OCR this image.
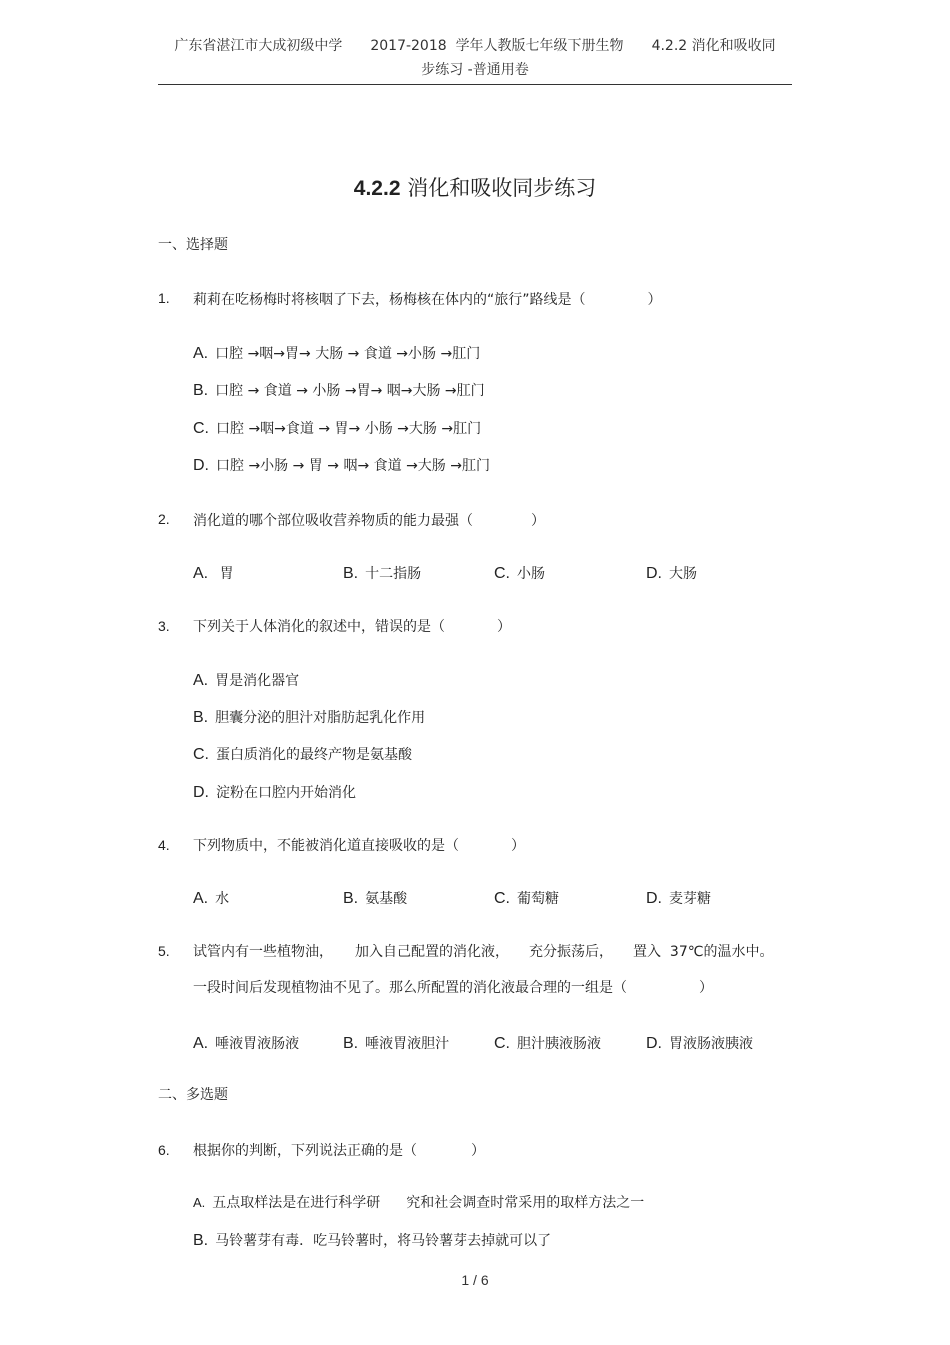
广东省湛江市大成初级中学 2017-2018 学年人教版七年级下册生物 4.2.2 消化和吸收同
步练习 -普通用卷
4.2.2 消化和吸收同步练习
一、选择题
1. 莉莉在吃杨梅时将核咽了下去，杨梅核在体内的“旅行”路线是（	）
A. 口腔 →咽→胃→ 大肠 → 食道 →小肠 →肛门
B. 口腔 → 食道 → 小肠 →胃→ 咽→大肠 →肛门
C. 口腔 →咽→食道 → 胃→ 小肠 →大肠 →肛门
D. 口腔 →小肠 → 胃 → 咽→ 食道 →大肠 →肛门
2. 消化道的哪个部位吸收营养物质的能力最强（	）
A. 胃	B. 十二指肠	C. 小肠	D. 大肠
3. 下列关于人体消化的叙述中，错误的是（	）
A. 胃是消化器官
B. 胆囊分泌的胆汁对脂肪起乳化作用
C. 蛋白质消化的最终产物是氨基酸
D. 淀粉在口腔内开始消化
4. 下列物质中，不能被消化道直接吸收的是（	）
A. 水	B. 氨基酸	C. 葡萄糖	D. 麦芽糖
5. 试管内有一些植物油， 加入自己配置的消化液， 充分振荡后， 置入 37℃的温水中。
一段时间后发现植物油不见了。那么所配置的消化液最合理的一组是（	）
A. 唾液胃液肠液	B. 唾液胃液胆汁	C. 胆汁胰液肠液	D. 胃液肠液胰液
二、多选题
6. 根据你的判断，下列说法正确的是（	）
A. 五点取样法是在进行科学研 究和社会调查时常采用的取样方法之一
B. 马铃薯芽有毒．吃马铃薯时，将马铃薯芽去掉就可以了
1 / 6
